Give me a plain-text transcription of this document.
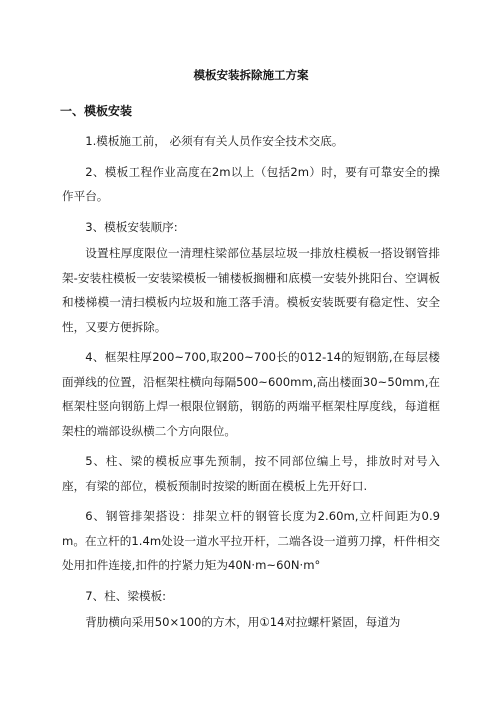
模板安装拆除施工方案
一、模板安装

1.模板施工前， 必须有有关人员作安全技术交底。

2、模板工程作业高度在2m以上（包括2m）时，要有可靠安全的操作平台。

3、模板安装顺序:

设置柱厚度限位一清理柱梁部位基层垃圾一排放柱模板一搭设钢管排架-安装柱模板一安装梁模板一铺楼板搁栅和底模一安装外挑阳台、空调板和楼梯模一清扫模板内垃圾和施工落手清。模板安装既要有稳定性、安全性，又要方便拆除。

4、框架柱厚200~700,取200~700长的012-14的短钢筋,在每层楼面弹线的位置，沿框架柱横向每隔500~600mm,高出楼面30~50mm,在框架柱竖向钢筋上焊一根限位钢筋，钢筋的两端平框架柱厚度线，每道框架柱的端部设纵横二个方向限位。

5、柱、梁的模板应事先预制，按不同部位编上号，排放时对号入座，有梁的部位，模板预制时按梁的断面在模板上先开好口.

6、钢管排架搭设：排架立杆的钢管长度为2.60m,立杆间距为0.9m。在立杆的1.4m处设一道水平拉开杆，二端各设一道剪刀撑，杆件相交处用扣件连接,扣件的拧紧力矩为40N·m~60N·m°

7、柱、梁模板:

背肋横向采用50×100的方木，用①14对拉螺杆紧固，每道为
